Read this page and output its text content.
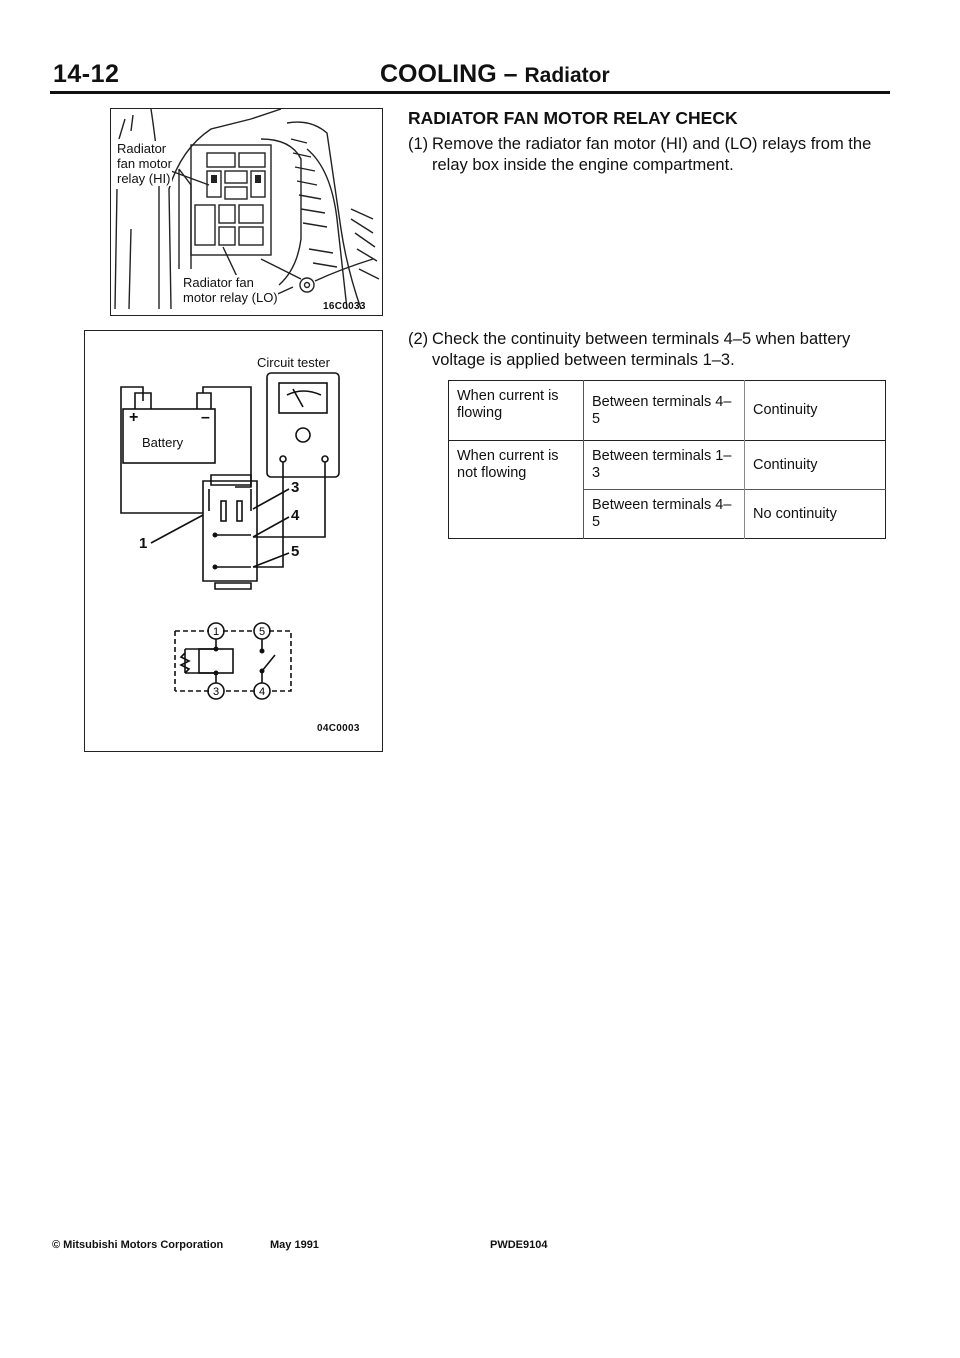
14-12	COOLING – Radiator
Radiator
fan motor
relay (HI)
Radiator fan
motor relay (LO)
16C0033
1	5
3	4
Circuit tester
Battery
+	–
1
3
4
5
04C0003
RADIATOR FAN MOTOR RELAY CHECK
(1) Remove the radiator fan motor (HI) and (LO) relays from the relay box inside the engine compartment.
(2) Check the continuity between terminals 4–5 when battery voltage is applied between terminals 1–3.
When current is flowing	Between terminals 4–5	Continuity
When current is not flowing	Between terminals 1–3	Continuity
	Between terminals 4–5	No continuity
© Mitsubishi Motors Corporation	May 1991	PWDE9104
